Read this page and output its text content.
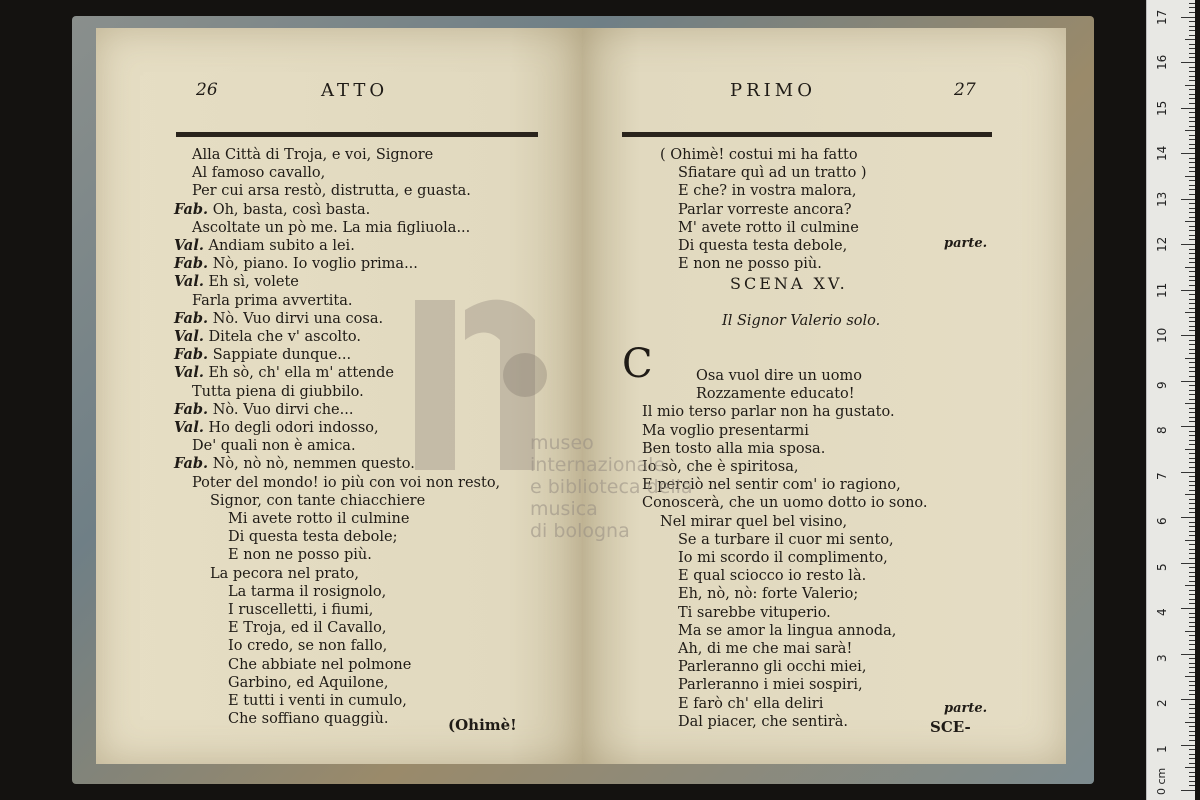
26	ATTO
Alla Città di Troja, e voi, Signore
Al famoso cavallo,
Per cui arsa restò, distrutta, e guasta.
Fab. Oh, basta, così basta.
Ascoltate un pò me. La mia figliuola...
Val. Andiam subito a lei.
Fab. Nò, piano. Io voglio prima...
Val. Eh sì, volete
Farla prima avvertita.
Fab. Nò. Vuo dirvi una cosa.
Val. Ditela che v' ascolto.
Fab. Sappiate dunque...
Val. Eh sò, ch' ella m' attende
Tutta piena di giubbilo.
Fab. Nò. Vuo dirvi che...
Val. Ho degli odori indosso,
De' quali non è amica.
Fab. Nò, nò nò, nemmen questo.
Poter del mondo! io più con voi non resto,
Signor, con tante chiacchiere
Mi avete rotto il culmine
Di questa testa debole;
E non ne posso più.
La pecora nel prato,
La tarma il rosignolo,
I ruscelletti, i fiumi,
E Troja, ed il Cavallo,
Io credo, se non fallo,
Che abbiate nel polmone
Garbino, ed Aquilone,
E tutti i venti in cumulo,
Che soffiano quaggiù.	(Ohimè!
PRIMO	27
( Ohimè! costui mi ha fatto
Sfiatare quì ad un tratto )
E che? in vostra malora,
Parlar vorreste ancora?
M' avete rotto il culmine
Di questa testa debole,
E non ne posso più.
parte.
SCENA XV.
Il Signor Valerio solo.
C	Osa vuol dire un uomo
Rozzamente educato!
Il mio terso parlar non ha gustato.
Ma voglio presentarmi
Ben tosto alla mia sposa.
Io sò, che è spiritosa,
E perciò nel sentir com' io ragiono,
Conoscerà, che un uomo dotto io sono.
Nel mirar quel bel visino,
Se a turbare il cuor mi sento,
Io mi scordo il complimento,
E qual sciocco io resto là.
Eh, nò, nò: forte Valerio;
Ti sarebbe vituperio.
Ma se amor la lingua annoda,
Ah, di me che mai sarà!
Parleranno gli occhi miei,
Parleranno i miei sospiri,
E farò ch' ella deliri
Dal piacer, che sentirà.
parte.
SCE-
museo internazionale
e biblioteca della musica
di bologna
0 cm
1
2
3
4
5
6
7
8
9
10
11
12
13
14
15
16
17
